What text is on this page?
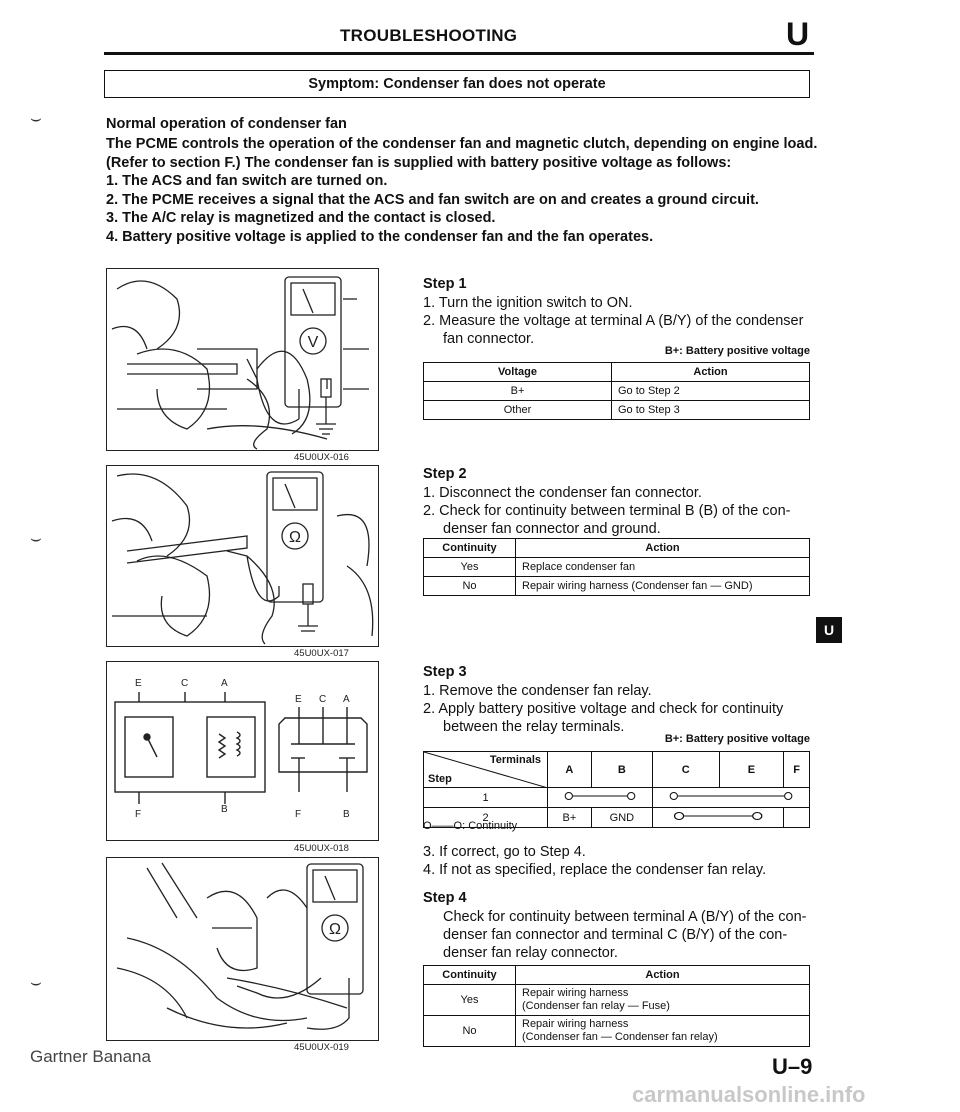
TROUBLESHOOTING	U
Symptom: Condenser fan does not operate
⌣
⌣
⌣
Normal operation of condenser fan
The PCME controls the operation of the condenser fan and magnetic clutch, depending on engine load.
(Refer to section F.) The condenser fan is supplied with battery positive voltage as follows:
1. The ACS and fan switch are turned on.
2. The PCME receives a signal that the ACS and fan switch are on and creates a ground circuit.
3. The A/C relay is magnetized and the contact is closed.
4. Battery positive voltage is applied to the condenser fan and the fan operates.
V
45U0UX-016
Ω
45U0UX-017
E	C	A
F	B
E C A
F	B
45U0UX-018
Ω
45U0UX-019
Step 1
1. Turn the ignition switch to ON.
2. Measure the voltage at terminal A (B/Y) of the condenser
fan connector.
B+: Battery positive voltage
Voltage	Action
B+	Go to Step 2
Other	Go to Step 3
Step 2
1. Disconnect the condenser fan connector.
2. Check for continuity between terminal B (B) of the con-
denser fan connector and ground.
Continuity	Action
Yes	Replace condenser fan
No	Repair wiring harness (Condenser fan — GND)
Step 3
1. Remove the condenser fan relay.
2. Apply battery positive voltage and check for continuity
between the relay terminals.
B+: Battery positive voltage
Terminals
Step	A	B	C	E	F
1		
2	B+	GND		
O——O: Continuity
3. If correct, go to Step 4.
4. If not as specified, replace the condenser fan relay.
Step 4
Check for continuity between terminal A (B/Y) of the con-
denser fan connector and terminal C (B/Y) of the con-
denser fan relay connector.
Continuity	Action
Yes	Repair wiring harness
(Condenser fan relay — Fuse)

No	Repair wiring harness
(Condenser fan — Condenser fan relay)
U
Gartner Banana	U–9
carmanualsonline.info
